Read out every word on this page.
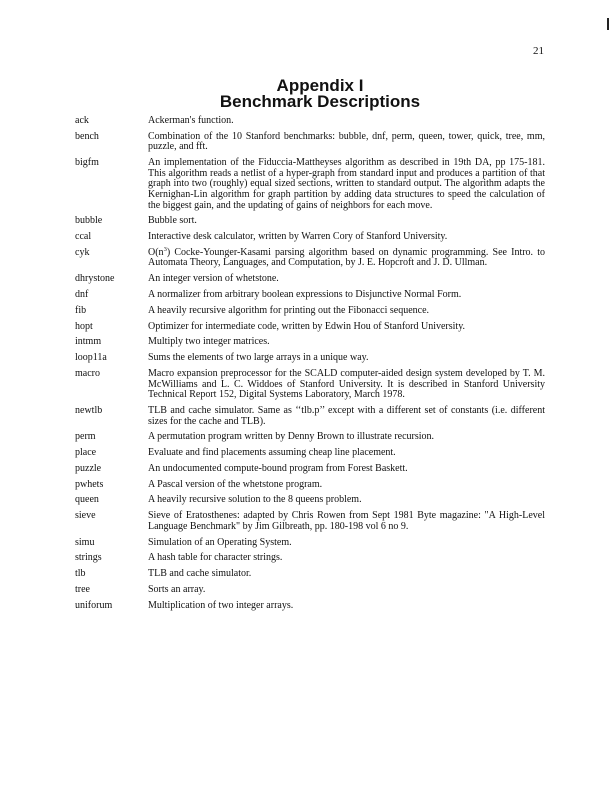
21
Appendix I
Benchmark Descriptions
ack	Ackerman's function.
bench	Combination of the 10 Stanford benchmarks: bubble, dnf, perm, queen, tower, quick, tree, mm, puzzle, and fft.
bigfm	An implementation of the Fiduccia-Mattheyses algorithm as described in 19th DA, pp 175-181. This algorithm reads a netlist of a hyper-graph from standard input and produces a partition of that graph into two (roughly) equal sized sections, written to standard output. The algorithm adapts the Kernighan-Lin algorithm for graph partition by adding data structures to speed the calculation of the biggest gain, and the updating of gains of neighbors for each move.
bubble	Bubble sort.
ccal	Interactive desk calculator, written by Warren Cory of Stanford University.
cyk	$O(n^3)$ Cocke-Younger-Kasami parsing algorithm based on dynamic programming. See Intro. to Automata Theory, Languages, and Computation, by J. E. Hopcroft and J. D. Ullman.
dhrystone	An integer version of whetstone.
dnf	A normalizer from arbitrary boolean expressions to Disjunctive Normal Form.
fib	A heavily recursive algorithm for printing out the Fibonacci sequence.
hopt	Optimizer for intermediate code, written by Edwin Hou of Stanford University.
intmm	Multiply two integer matrices.
loop11a	Sums the elements of two large arrays in a unique way.
macro	Macro expansion preprocessor for the SCALD computer-aided design system developed by T. M. McWilliams and L. C. Widdoes of Stanford University. It is described in Stanford University Technical Report 152, Digital Systems Laboratory, March 1978.
newtlb	TLB and cache simulator. Same as ‘‘tlb.p’’ except with a different set of constants (i.e. different sizes for the cache and TLB).
perm	A permutation program written by Denny Brown to illustrate recursion.
place	Evaluate and find placements assuming cheap line placement.
puzzle	An undocumented compute-bound program from Forest Baskett.
pwhets	A Pascal version of the whetstone program.
queen	A heavily recursive solution to the 8 queens problem.
sieve	Sieve of Eratosthenes: adapted by Chris Rowen from Sept 1981 Byte magazine: "A High-Level Language Benchmark" by Jim Gilbreath, pp. 180-198 vol 6 no 9.
simu	Simulation of an Operating System.
strings	A hash table for character strings.
tlb	TLB and cache simulator.
tree	Sorts an array.
uniforum	Multiplication of two integer arrays.
